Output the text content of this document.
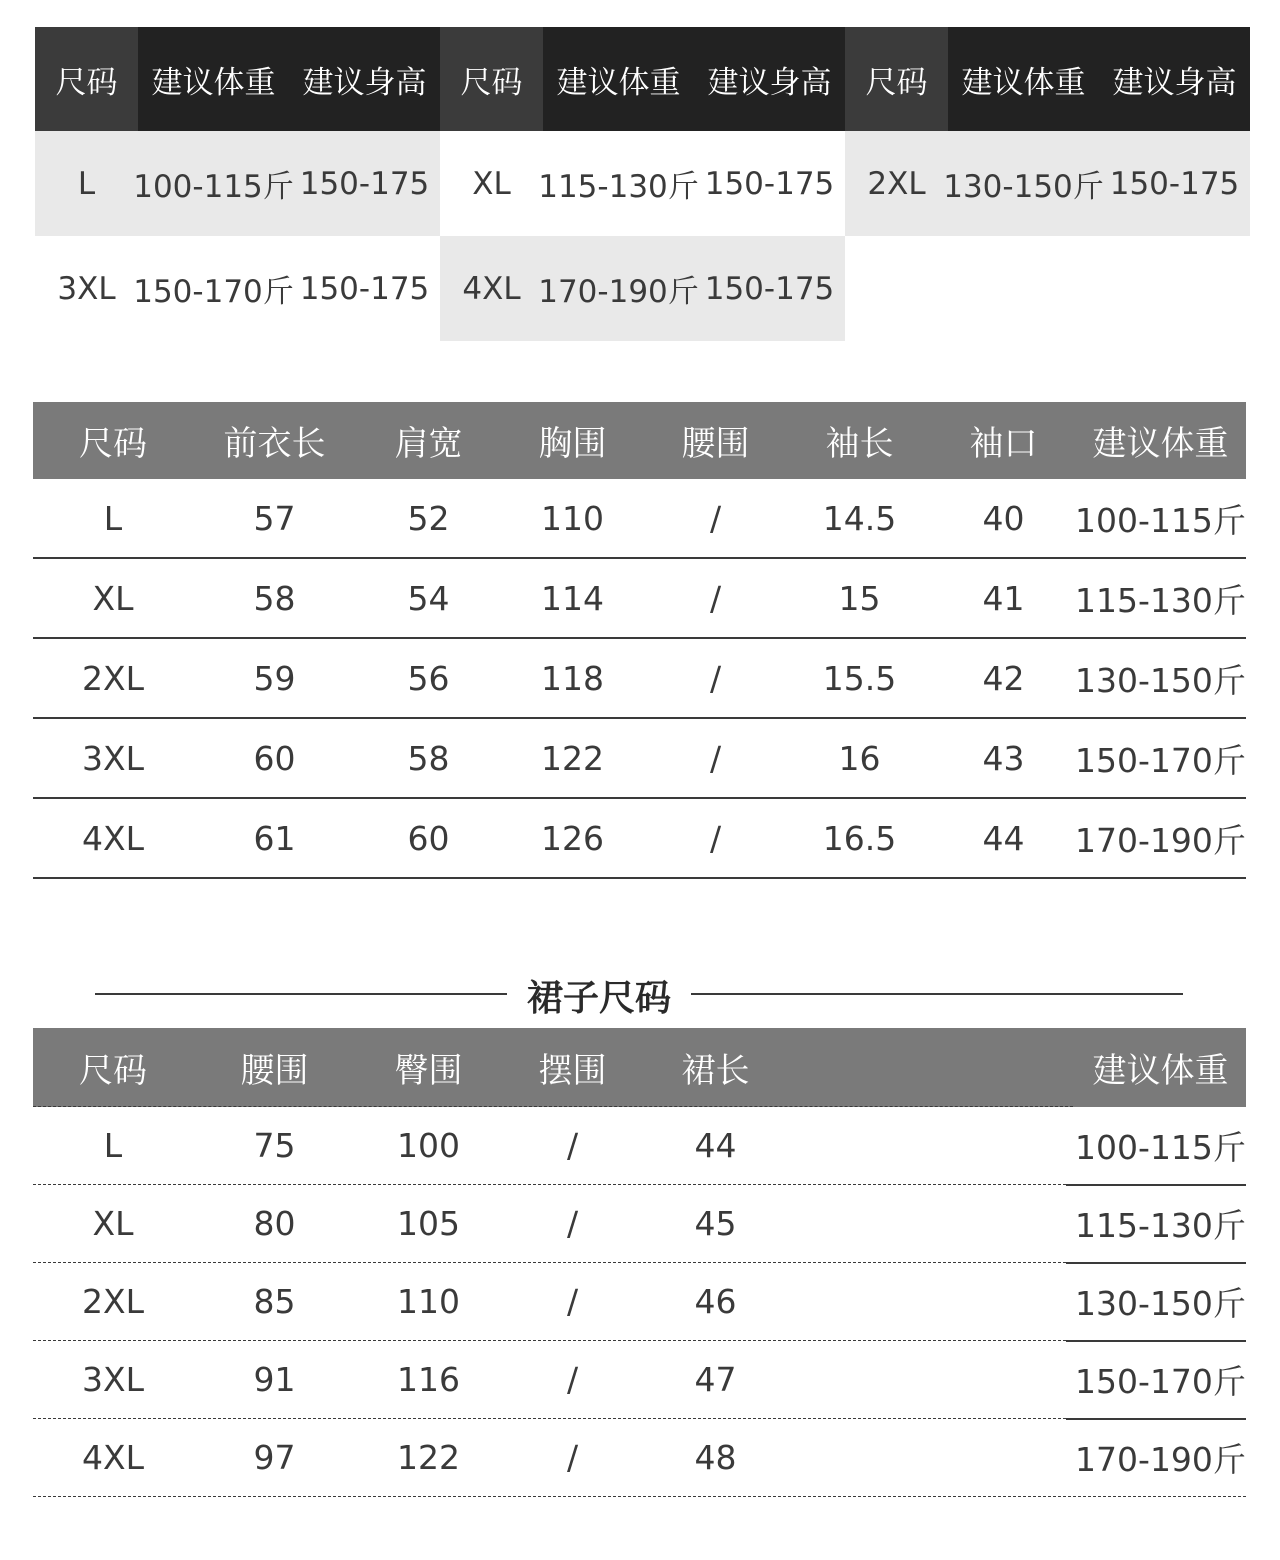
尺码	建议体重 建议身高	尺码	建议体重 建议身高	尺码	建议体重 建议身高
L	100-115斤 150-175	XL 115-130斤 150-175	2XL 130-150斤 150-175
3XL 150-170斤 150-175	4XL 170-190斤 150-175
尺码	前衣长	肩宽	胸围	腰围	袖长	袖口	建议体重
L	57	52	110	/	14.5	40	100-115斤
XL	58	54	114	/	15	41	115-130斤
2XL	59	56	118	/	15.5	42	130-150斤
3XL	60	58	122	/	16	43	150-170斤
4XL	61	60	126	/	16.5	44	170-190斤
裙子尺码
尺码	腰围	臀围	摆围	裙长	建议体重
L	75	100	/	44	100-115斤
XL	80	105	/	45	115-130斤
2XL	85	110	/	46	130-150斤
3XL	91	116	/	47	150-170斤
4XL	97	122	/	48	170-190斤
